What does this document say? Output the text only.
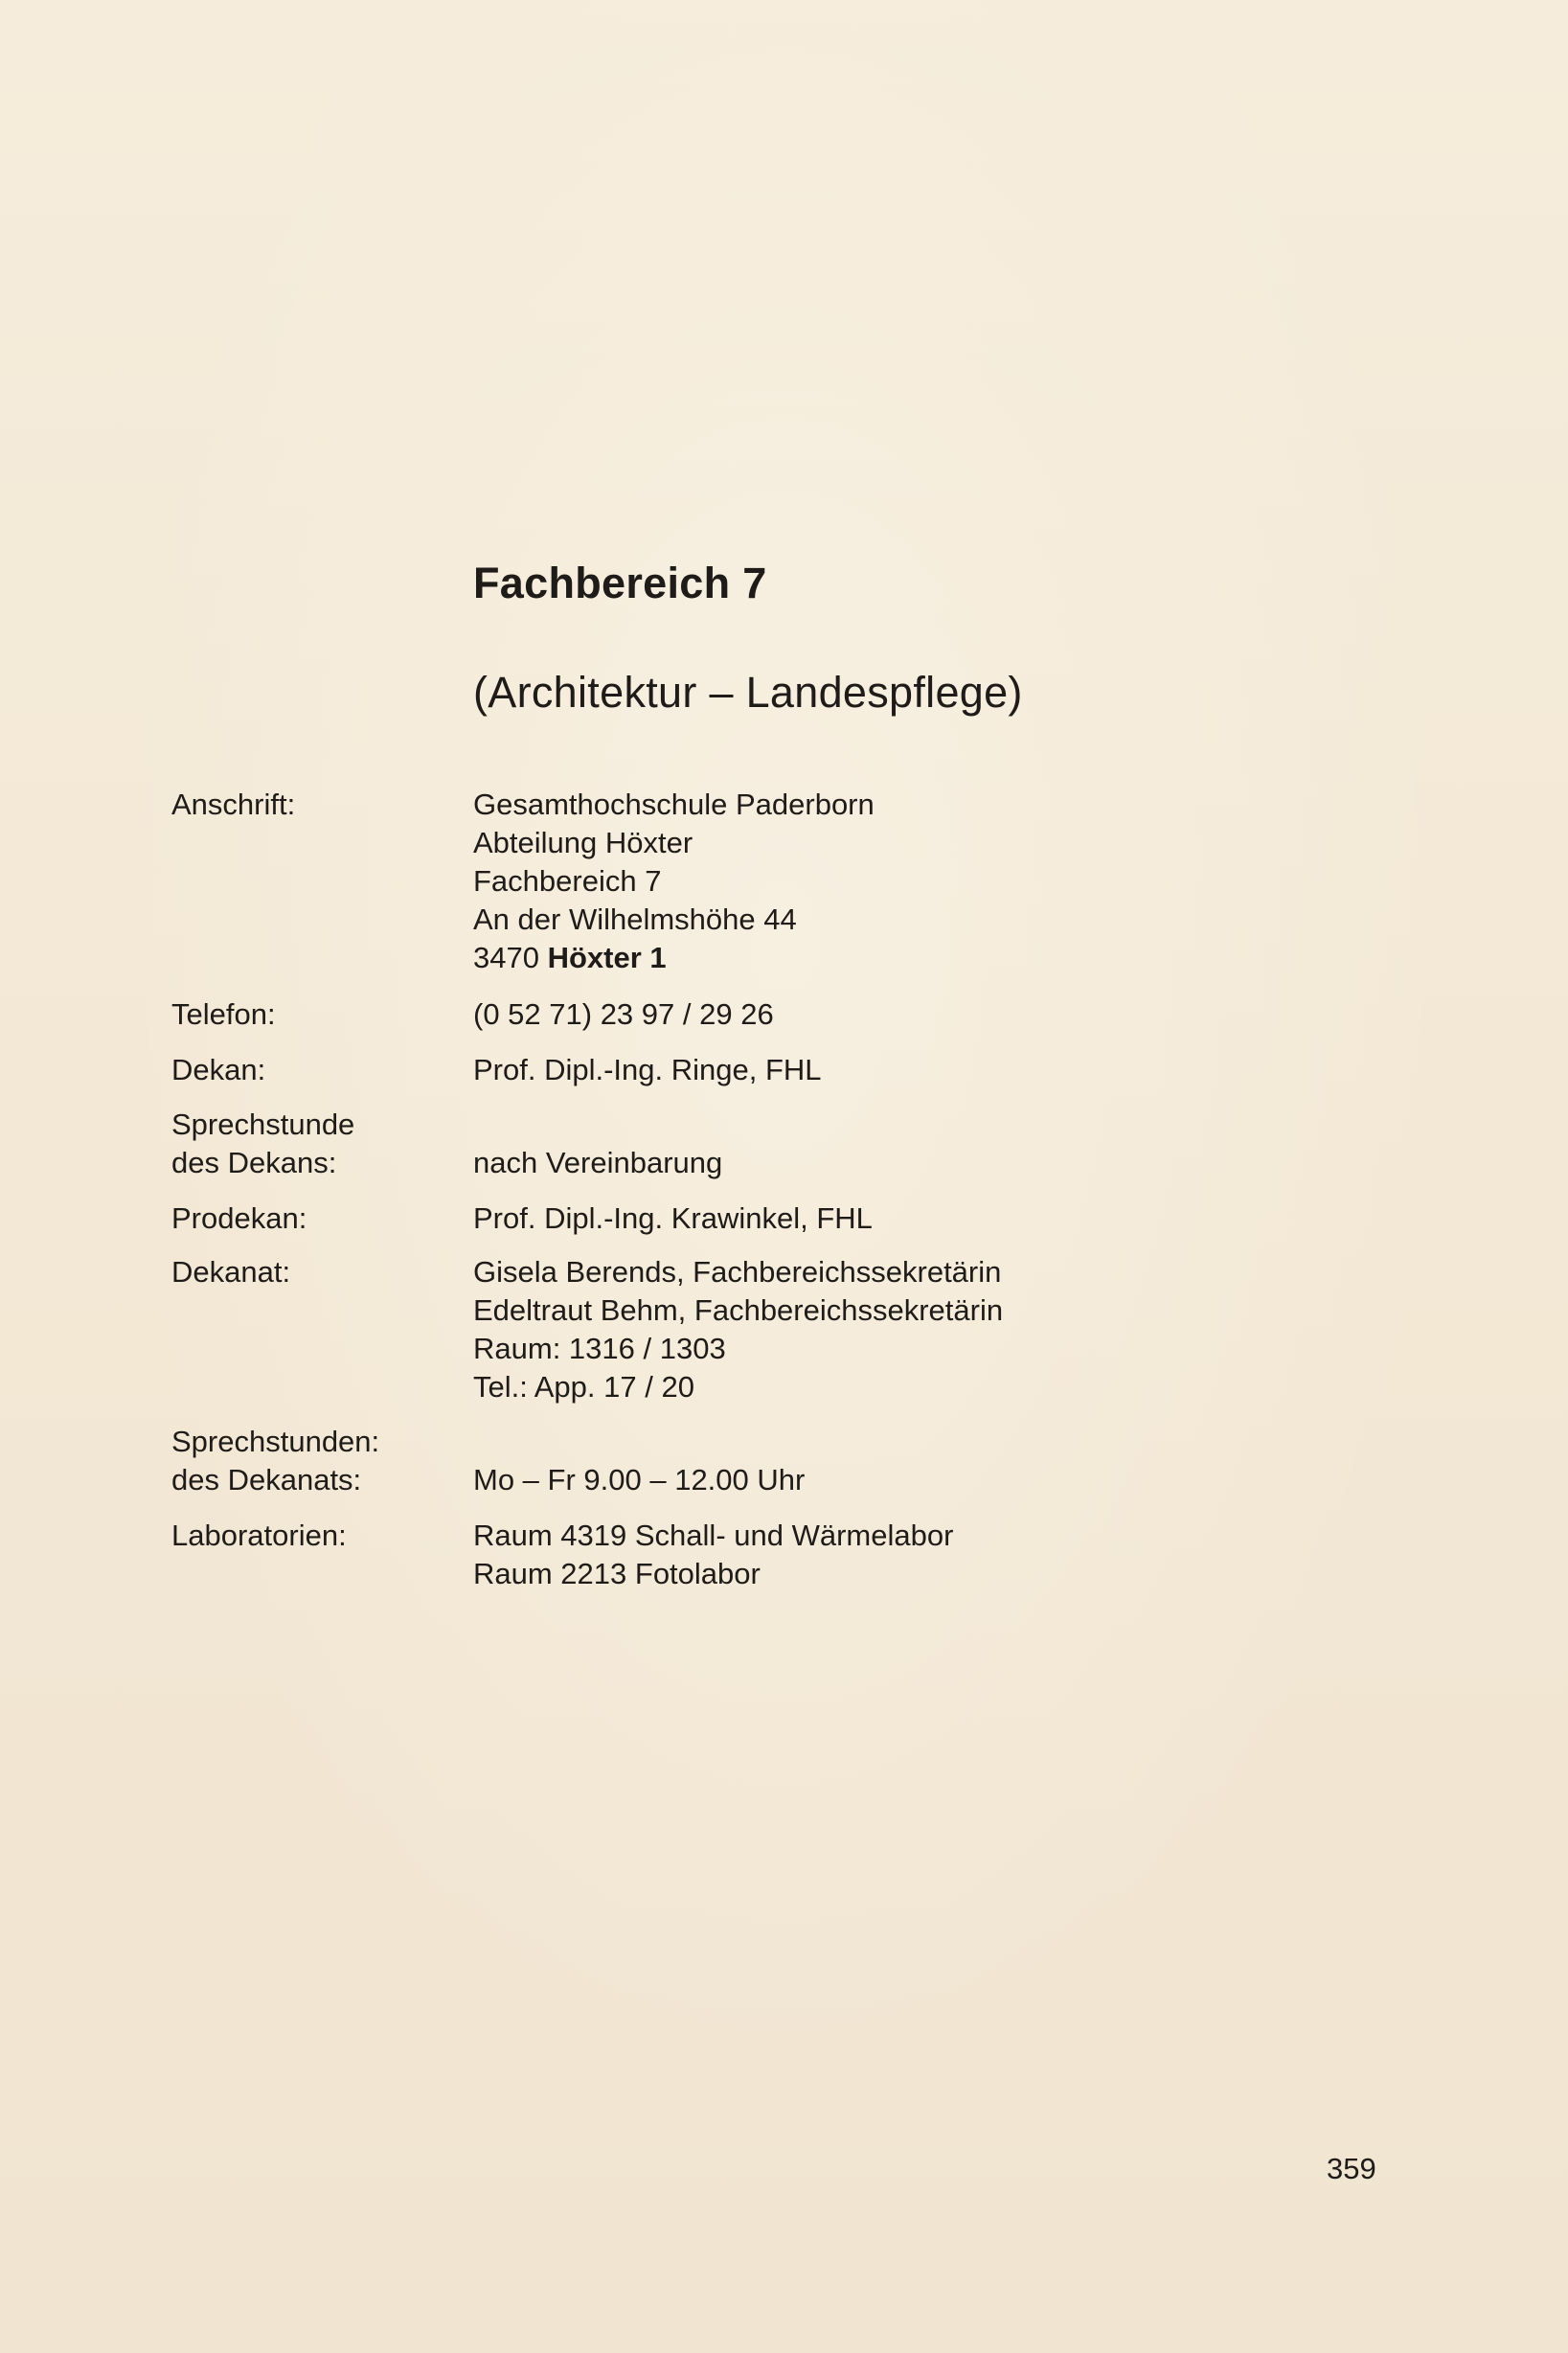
Fachbereich 7
(Architektur – Landespflege)
Anschrift:	Gesamthochschule Paderborn
Abteilung Höxter
Fachbereich 7
An der Wilhelmshöhe 44
3470 Höxter 1
Telefon:	(0 52 71) 23 97 / 29 26
Dekan:	Prof. Dipl.-Ing. Ringe, FHL
Sprechstunde
des Dekans:	nach Vereinbarung
Prodekan:	Prof. Dipl.-Ing. Krawinkel, FHL
Dekanat:	Gisela Berends, Fachbereichssekretärin
Edeltraut Behm, Fachbereichssekretärin
Raum: 1316 / 1303
Tel.: App. 17 / 20
Sprechstunden:
des Dekanats:	Mo – Fr 9.00 – 12.00 Uhr
Laboratorien:	Raum 4319 Schall- und Wärmelabor
Raum 2213 Fotolabor
359
